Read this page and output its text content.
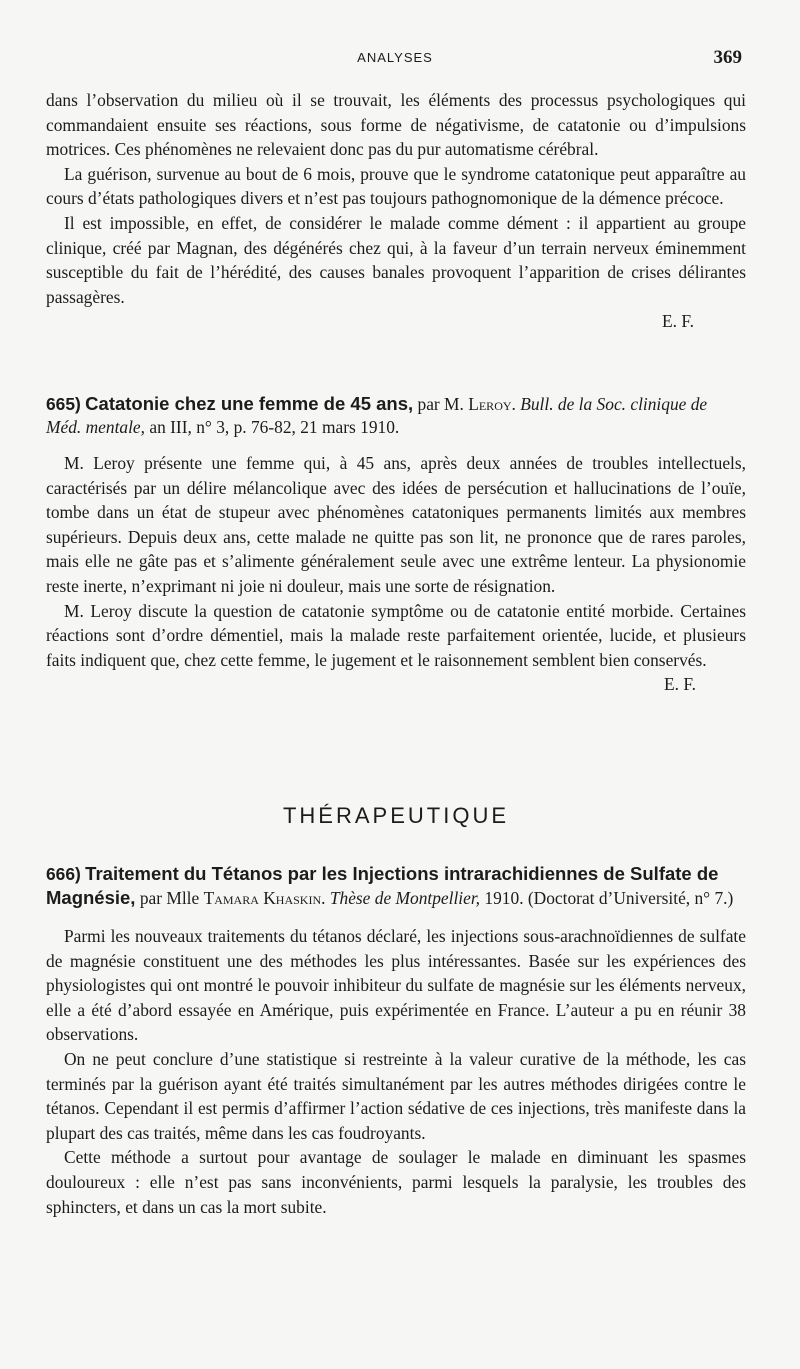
ANALYSES	369

dans l’observation du milieu où il se trouvait, les éléments des processus psychologiques qui commandaient ensuite ses réactions, sous forme de négativisme, de catatonie ou d’impulsions motrices. Ces phénomènes ne relevaient donc pas du pur automatisme cérébral.

La guérison, survenue au bout de 6 mois, prouve que le syndrome catatonique peut apparaître au cours d’états pathologiques divers et n’est pas toujours pathognomonique de la démence précoce.

Il est impossible, en effet, de considérer le malade comme dément : il appartient au groupe clinique, créé par Magnan, des dégénérés chez qui, à la faveur d’un terrain nerveux éminemment susceptible du fait de l’hérédité, des causes banales provoquent l’apparition de crises délirantes passagères.

E. F.

665) Catatonie chez une femme de 45 ans, par M. Leroy. Bull. de la Soc. clinique de Méd. mentale, an III, n° 3, p. 76-82, 21 mars 1910.

M. Leroy présente une femme qui, à 45 ans, après deux années de troubles intellectuels, caractérisés par un délire mélancolique avec des idées de persécution et hallucinations de l’ouïe, tombe dans un état de stupeur avec phénomènes catatoniques permanents limités aux membres supérieurs. Depuis deux ans, cette malade ne quitte pas son lit, ne prononce que de rares paroles, mais elle ne gâte pas et s’alimente généralement seule avec une extrême lenteur. La physionomie reste inerte, n’exprimant ni joie ni douleur, mais une sorte de résignation.

M. Leroy discute la question de catatonie symptôme ou de catatonie entité morbide. Certaines réactions sont d’ordre démentiel, mais la malade reste parfaitement orientée, lucide, et plusieurs faits indiquent que, chez cette femme, le jugement et le raisonnement semblent bien conservés.
E. F.

THÉRAPEUTIQUE
666) Traitement du Tétanos par les Injections intrarachidiennes de Sulfate de Magnésie, par Mlle Tamara Khaskin. Thèse de Montpellier, 1910. (Doctorat d’Université, n° 7.)

Parmi les nouveaux traitements du tétanos déclaré, les injections sous-arachnoïdiennes de sulfate de magnésie constituent une des méthodes les plus intéressantes. Basée sur les expériences des physiologistes qui ont montré le pouvoir inhibiteur du sulfate de magnésie sur les éléments nerveux, elle a été d’abord essayée en Amérique, puis expérimentée en France. L’auteur a pu en réunir 38 observations.

On ne peut conclure d’une statistique si restreinte à la valeur curative de la méthode, les cas terminés par la guérison ayant été traités simultanément par les autres méthodes dirigées contre le tétanos. Cependant il est permis d’affirmer l’action sédative de ces injections, très manifeste dans la plupart des cas traités, même dans les cas foudroyants.

Cette méthode a surtout pour avantage de soulager le malade en diminuant les spasmes douloureux : elle n’est pas sans inconvénients, parmi lesquels la paralysie, les troubles des sphincters, et dans un cas la mort subite.
